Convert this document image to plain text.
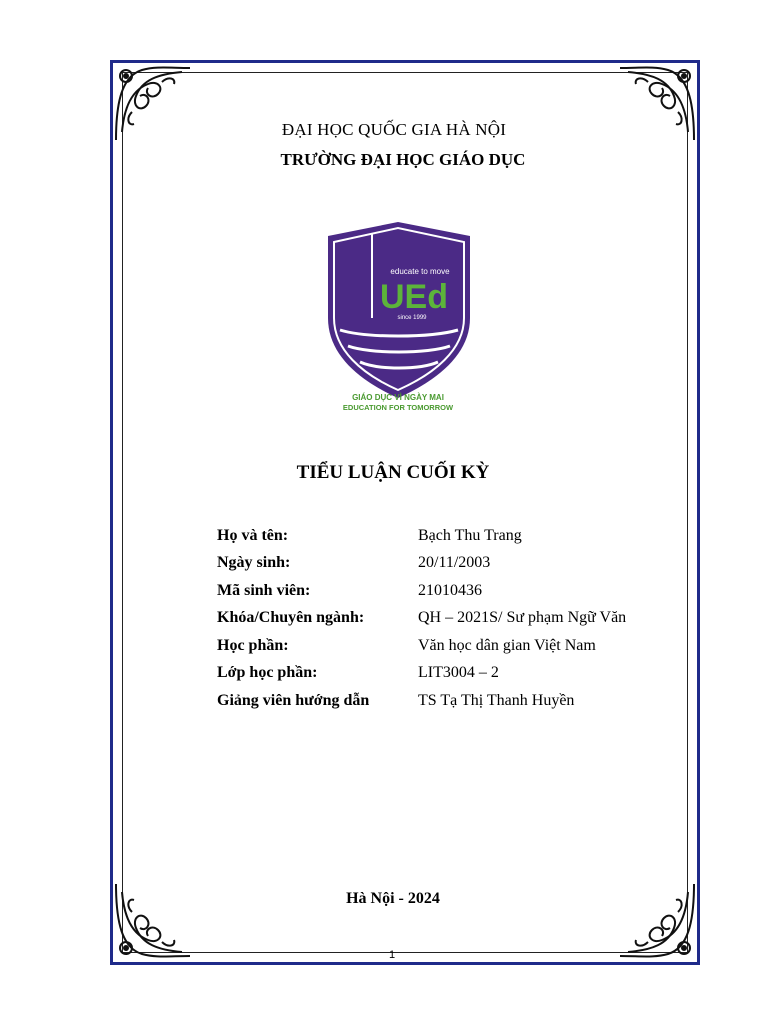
ĐẠI HỌC QUỐC GIA HÀ NỘI
TRƯỜNG ĐẠI HỌC GIÁO DỤC
educate to move
UEd
since 1999
GIÁO DỤC VÌ NGÀY MAI
EDUCATION FOR TOMORROW
TIỂU LUẬN CUỐI KỲ
Họ và tên:	Bạch Thu Trang
Ngày sinh:	20/11/2003
Mã sinh viên:	21010436
Khóa/Chuyên ngành:	QH – 2021S/ Sư phạm Ngữ Văn
Học phần:	Văn học dân gian Việt Nam
Lớp học phần:	LIT3004 – 2
Giảng viên hướng dẫn	TS Tạ Thị Thanh Huyền
Hà Nội - 2024
1
